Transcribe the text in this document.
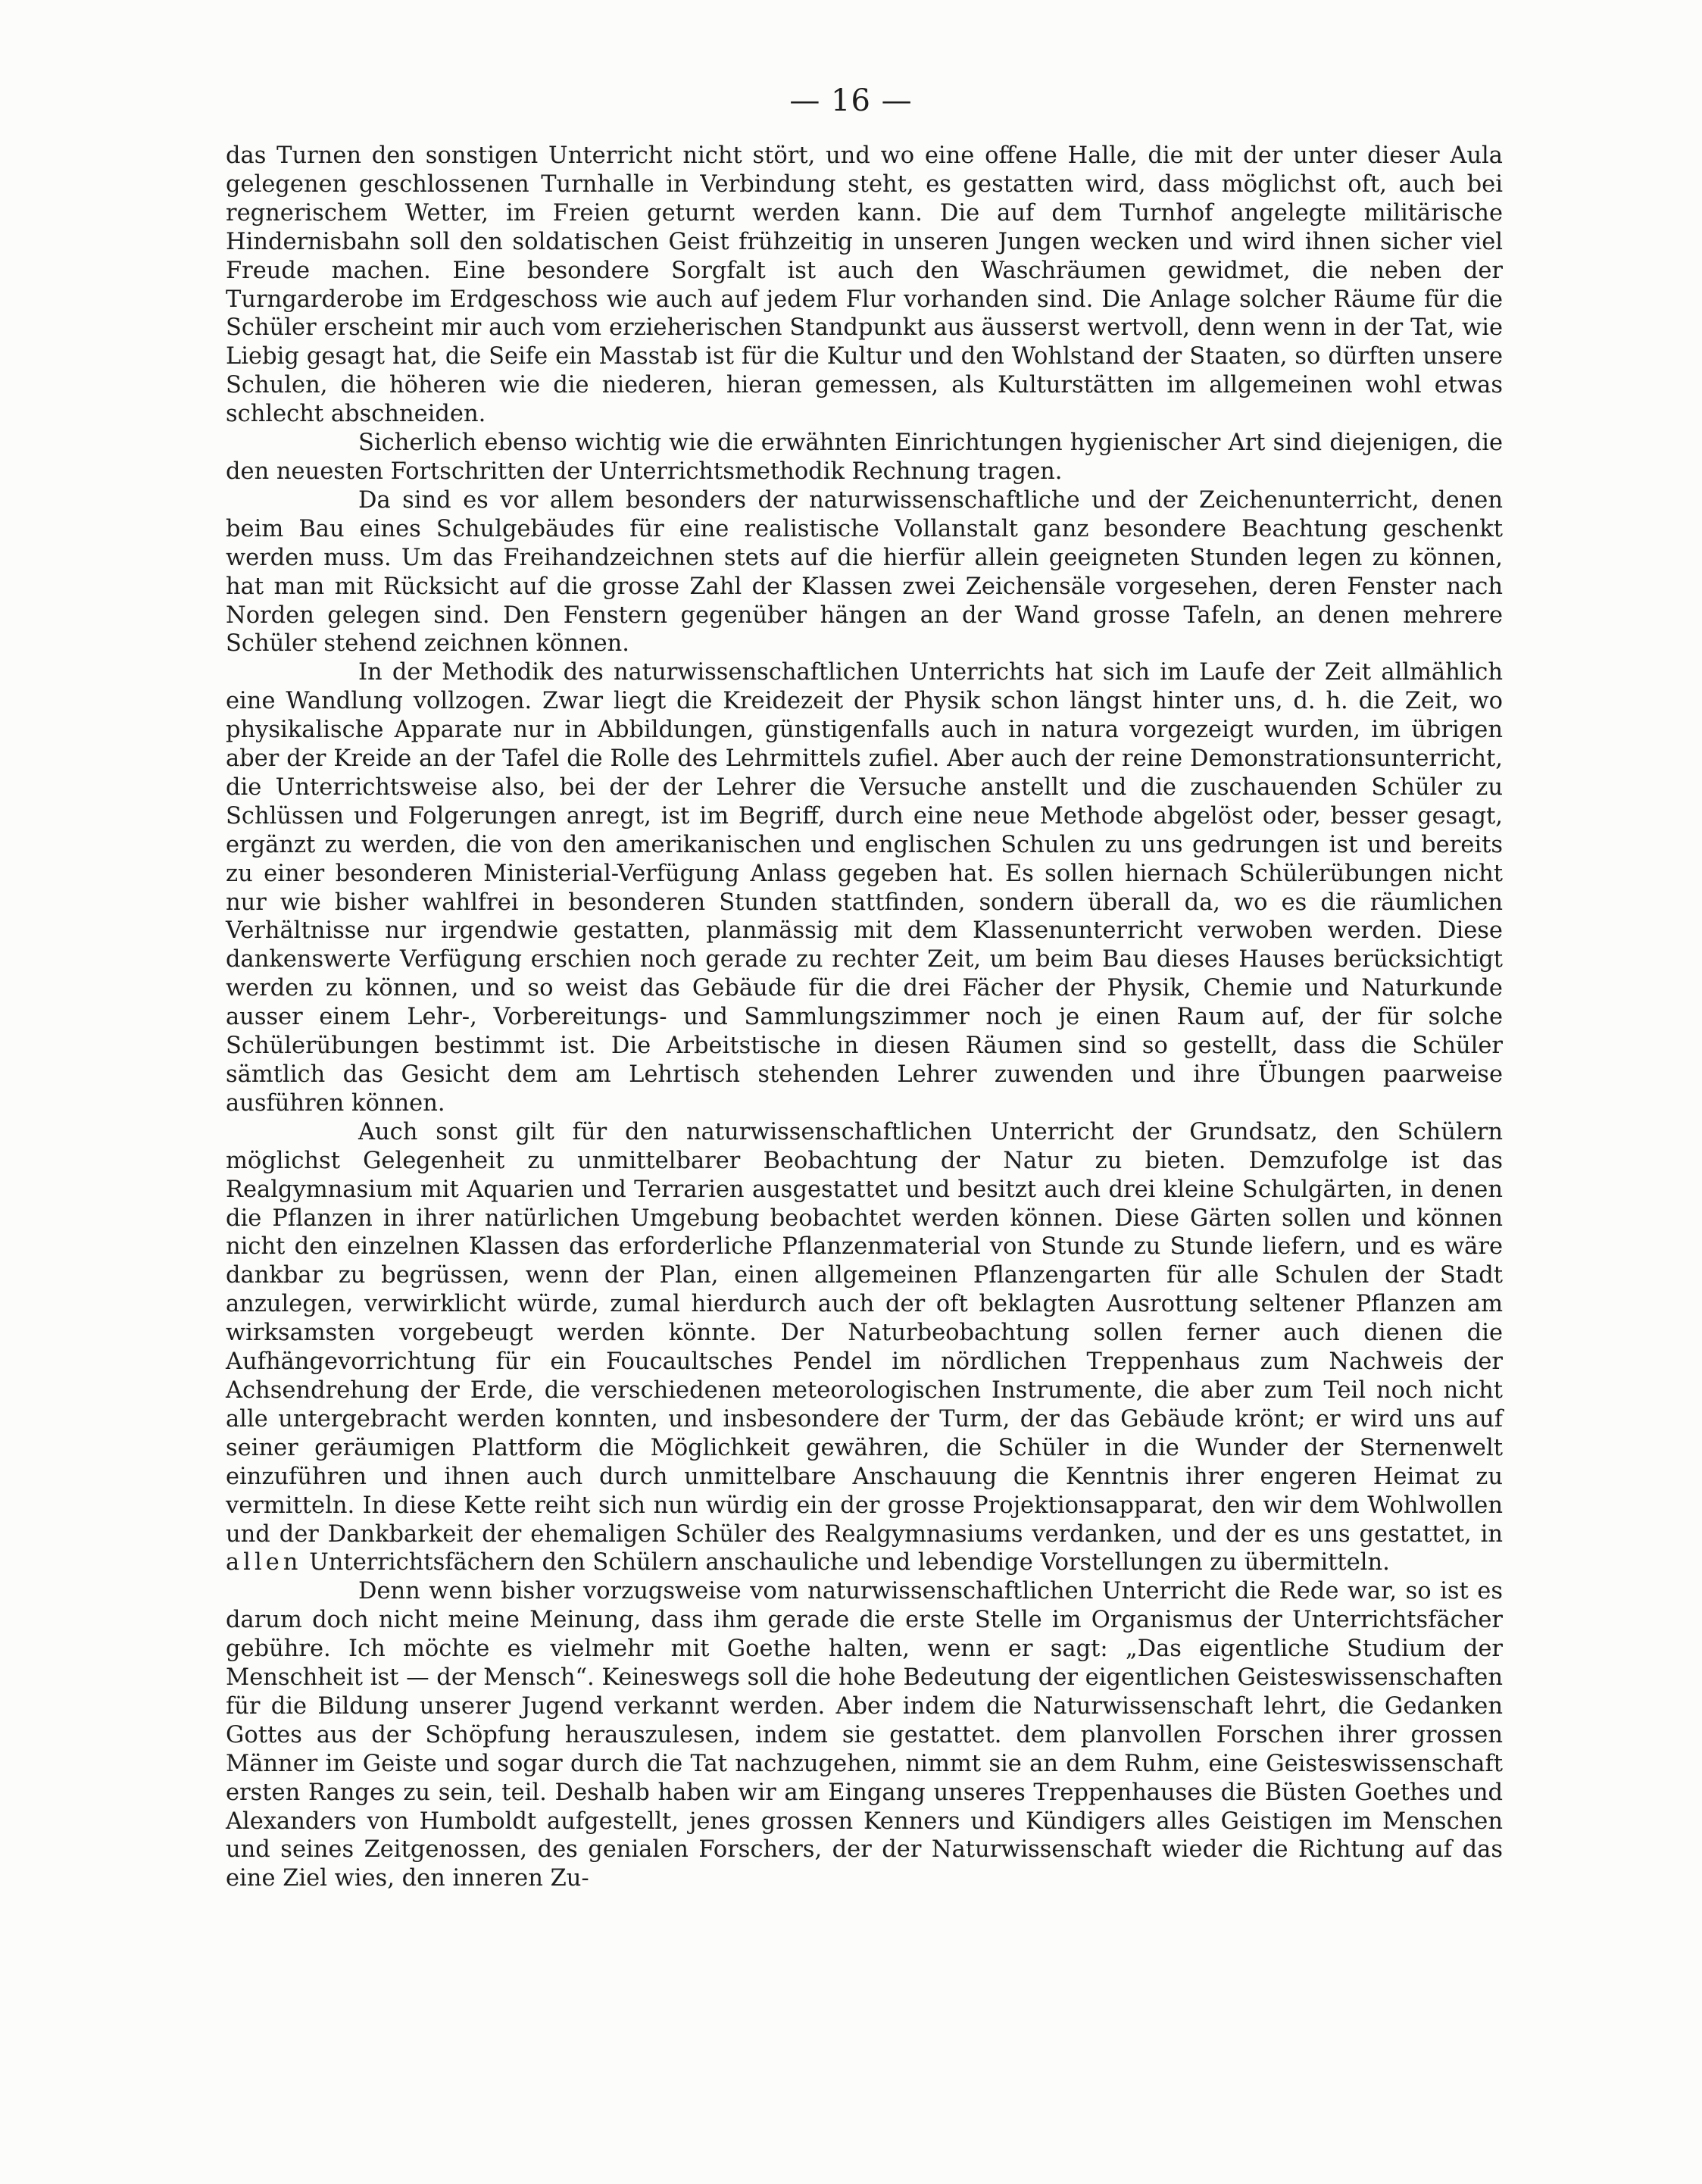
— 16 —

das Turnen den sonstigen Unterricht nicht stört, und wo eine offene Halle, die mit der unter dieser Aula gelegenen geschlossenen Turnhalle in Verbindung steht, es gestatten wird, dass möglichst oft, auch bei regnerischem Wetter, im Freien geturnt werden kann. Die auf dem Turnhof angelegte militärische Hindernisbahn soll den soldatischen Geist frühzeitig in unseren Jungen wecken und wird ihnen sicher viel Freude machen. Eine besondere Sorgfalt ist auch den Waschräumen gewidmet, die neben der Turngarderobe im Erdgeschoss wie auch auf jedem Flur vorhanden sind. Die Anlage solcher Räume für die Schüler erscheint mir auch vom erzieherischen Standpunkt aus äusserst wertvoll, denn wenn in der Tat, wie Liebig gesagt hat, die Seife ein Masstab ist für die Kultur und den Wohlstand der Staaten, so dürften unsere Schulen, die höheren wie die niederen, hieran gemessen, als Kulturstätten im allgemeinen wohl etwas schlecht abschneiden.

Sicherlich ebenso wichtig wie die erwähnten Einrichtungen hygienischer Art sind diejenigen, die den neuesten Fortschritten der Unterrichtsmethodik Rechnung tragen.

Da sind es vor allem besonders der naturwissenschaftliche und der Zeichenunterricht, denen beim Bau eines Schulgebäudes für eine realistische Vollanstalt ganz besondere Beachtung geschenkt werden muss. Um das Freihandzeichnen stets auf die hierfür allein geeigneten Stunden legen zu können, hat man mit Rücksicht auf die grosse Zahl der Klassen zwei Zeichensäle vorgesehen, deren Fenster nach Norden gelegen sind. Den Fenstern gegenüber hängen an der Wand grosse Tafeln, an denen mehrere Schüler stehend zeichnen können.

In der Methodik des naturwissenschaftlichen Unterrichts hat sich im Laufe der Zeit allmählich eine Wandlung vollzogen. Zwar liegt die Kreidezeit der Physik schon längst hinter uns, d. h. die Zeit, wo physikalische Apparate nur in Abbildungen, günstigenfalls auch in natura vorgezeigt wurden, im übrigen aber der Kreide an der Tafel die Rolle des Lehrmittels zufiel. Aber auch der reine Demonstrationsunterricht, die Unterrichtsweise also, bei der der Lehrer die Versuche anstellt und die zuschauenden Schüler zu Schlüssen und Folgerungen anregt, ist im Begriff, durch eine neue Methode abgelöst oder, besser gesagt, ergänzt zu werden, die von den amerikanischen und englischen Schulen zu uns gedrungen ist und bereits zu einer besonderen Ministerial-Verfügung Anlass gegeben hat. Es sollen hiernach Schülerübungen nicht nur wie bisher wahlfrei in besonderen Stunden stattfinden, sondern überall da, wo es die räumlichen Verhältnisse nur irgendwie gestatten, planmässig mit dem Klassenunterricht verwoben werden. Diese dankenswerte Verfügung erschien noch gerade zu rechter Zeit, um beim Bau dieses Hauses berücksichtigt werden zu können, und so weist das Gebäude für die drei Fächer der Physik, Chemie und Naturkunde ausser einem Lehr-, Vorbereitungs- und Sammlungszimmer noch je einen Raum auf, der für solche Schülerübungen bestimmt ist. Die Arbeitstische in diesen Räumen sind so gestellt, dass die Schüler sämtlich das Gesicht dem am Lehrtisch stehenden Lehrer zuwenden und ihre Übungen paarweise ausführen können.

Auch sonst gilt für den naturwissenschaftlichen Unterricht der Grundsatz, den Schülern möglichst Gelegenheit zu unmittelbarer Beobachtung der Natur zu bieten. Demzufolge ist das Realgymnasium mit Aquarien und Terrarien ausgestattet und besitzt auch drei kleine Schulgärten, in denen die Pflanzen in ihrer natürlichen Umgebung beobachtet werden können. Diese Gärten sollen und können nicht den einzelnen Klassen das erforderliche Pflanzenmaterial von Stunde zu Stunde liefern, und es wäre dankbar zu begrüssen, wenn der Plan, einen allgemeinen Pflanzengarten für alle Schulen der Stadt anzulegen, verwirklicht würde, zumal hierdurch auch der oft beklagten Ausrottung seltener Pflanzen am wirksamsten vorgebeugt werden könnte. Der Naturbeobachtung sollen ferner auch dienen die Aufhängevorrichtung für ein Foucaultsches Pendel im nördlichen Treppenhaus zum Nachweis der Achsendrehung der Erde, die verschiedenen meteorologischen Instrumente, die aber zum Teil noch nicht alle untergebracht werden konnten, und insbesondere der Turm, der das Gebäude krönt; er wird uns auf seiner geräumigen Plattform die Möglichkeit gewähren, die Schüler in die Wunder der Sternenwelt einzuführen und ihnen auch durch unmittelbare Anschauung die Kenntnis ihrer engeren Heimat zu vermitteln. In diese Kette reiht sich nun würdig ein der grosse Projektionsapparat, den wir dem Wohlwollen und der Dankbarkeit der ehemaligen Schüler des Realgymnasiums verdanken, und der es uns gestattet, in allen Unterrichtsfächern den Schülern anschauliche und lebendige Vorstellungen zu übermitteln.

Denn wenn bisher vorzugsweise vom naturwissenschaftlichen Unterricht die Rede war, so ist es darum doch nicht meine Meinung, dass ihm gerade die erste Stelle im Organismus der Unterrichtsfächer gebühre. Ich möchte es vielmehr mit Goethe halten, wenn er sagt: „Das eigentliche Studium der Menschheit ist — der Mensch“. Keineswegs soll die hohe Bedeutung der eigentlichen Geisteswissenschaften für die Bildung unserer Jugend verkannt werden. Aber indem die Naturwissenschaft lehrt, die Gedanken Gottes aus der Schöpfung herauszulesen, indem sie gestattet. dem planvollen Forschen ihrer grossen Männer im Geiste und sogar durch die Tat nachzugehen, nimmt sie an dem Ruhm, eine Geisteswissenschaft ersten Ranges zu sein, teil. Deshalb haben wir am Eingang unseres Treppenhauses die Büsten Goethes und Alexanders von Humboldt aufgestellt, jenes grossen Kenners und Kündigers alles Geistigen im Menschen und seines Zeitgenossen, des genialen Forschers, der der Naturwissenschaft wieder die Richtung auf das eine Ziel wies, den inneren Zu-
